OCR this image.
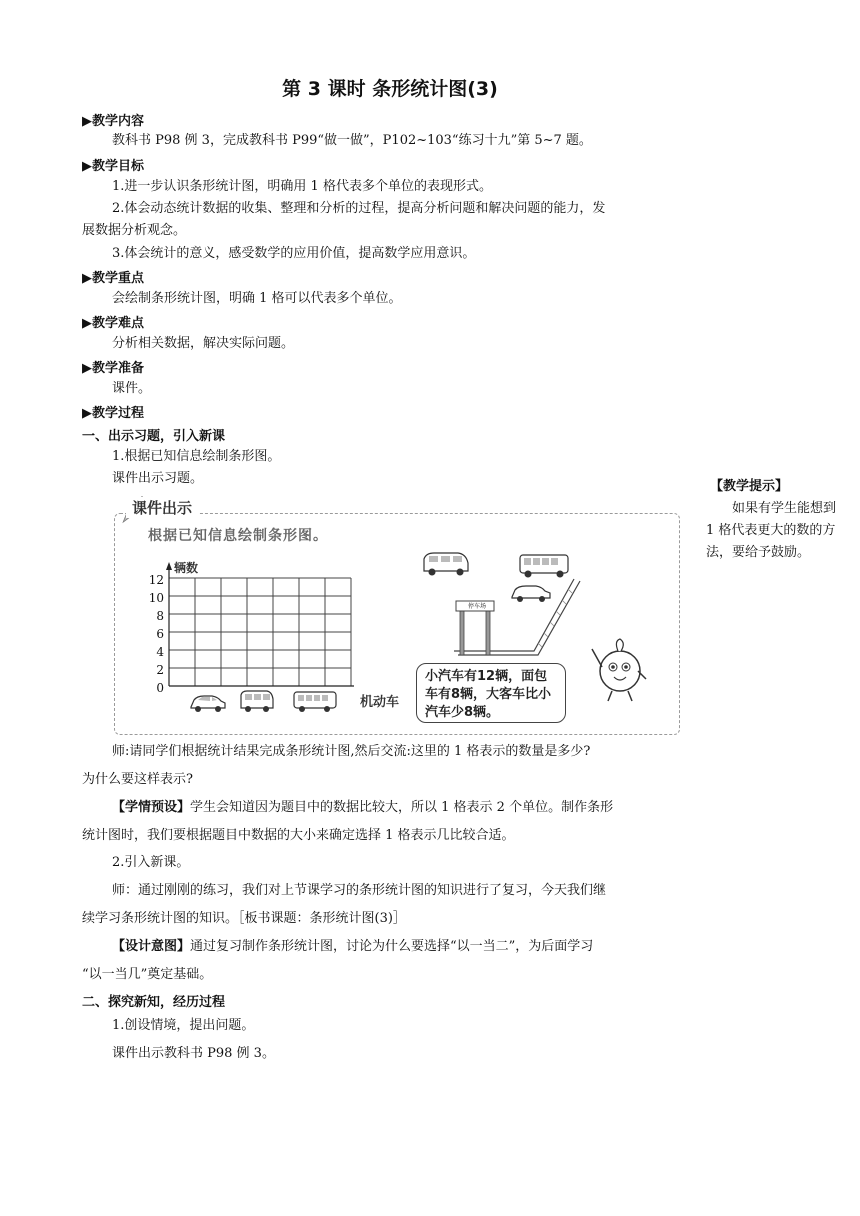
第 3 课时 条形统计图(3)
▶教学内容
教科书 P98 例 3，完成教科书 P99“做一做”，P102~103“练习十九”第 5~7 题。
▶教学目标
1.进一步认识条形统计图，明确用 1 格代表多个单位的表现形式。
2.体会动态统计数据的收集、整理和分析的过程，提高分析问题和解决问题的能力，发
展数据分析观念。
3.体会统计的意义，感受数学的应用价值，提高数学应用意识。
▶教学重点
会绘制条形统计图，明确 1 格可以代表多个单位。
▶教学难点
分析相关数据，解决实际问题。
▶教学准备
课件。
▶教学过程
一、出示习题，引入新课
1.根据已知信息绘制条形图。
课件出示习题。
【教学提示】
如果有学生能想到 1 格代表更大的数的方法，要给予鼓励。
课件出示
根据已知信息绘制条形图。
辆数
机动车
12
10
8
6
4
2
0
停车场
小汽车有12辆，面包车有8辆，大客车比小汽车少8辆。
师:请同学们根据统计结果完成条形统计图,然后交流:这里的 1 格表示的数量是多少?
为什么要这样表示?
【学情预设】学生会知道因为题目中的数据比较大，所以 1 格表示 2 个单位。制作条形
统计图时，我们要根据题目中数据的大小来确定选择 1 格表示几比较合适。
2.引入新课。
师：通过刚刚的练习，我们对上节课学习的条形统计图的知识进行了复习，今天我们继
续学习条形统计图的知识。［板书课题：条形统计图(3)］
【设计意图】通过复习制作条形统计图，讨论为什么要选择“以一当二”，为后面学习
“以一当几”奠定基础。
二、探究新知，经历过程
1.创设情境，提出问题。
课件出示教科书 P98 例 3。
